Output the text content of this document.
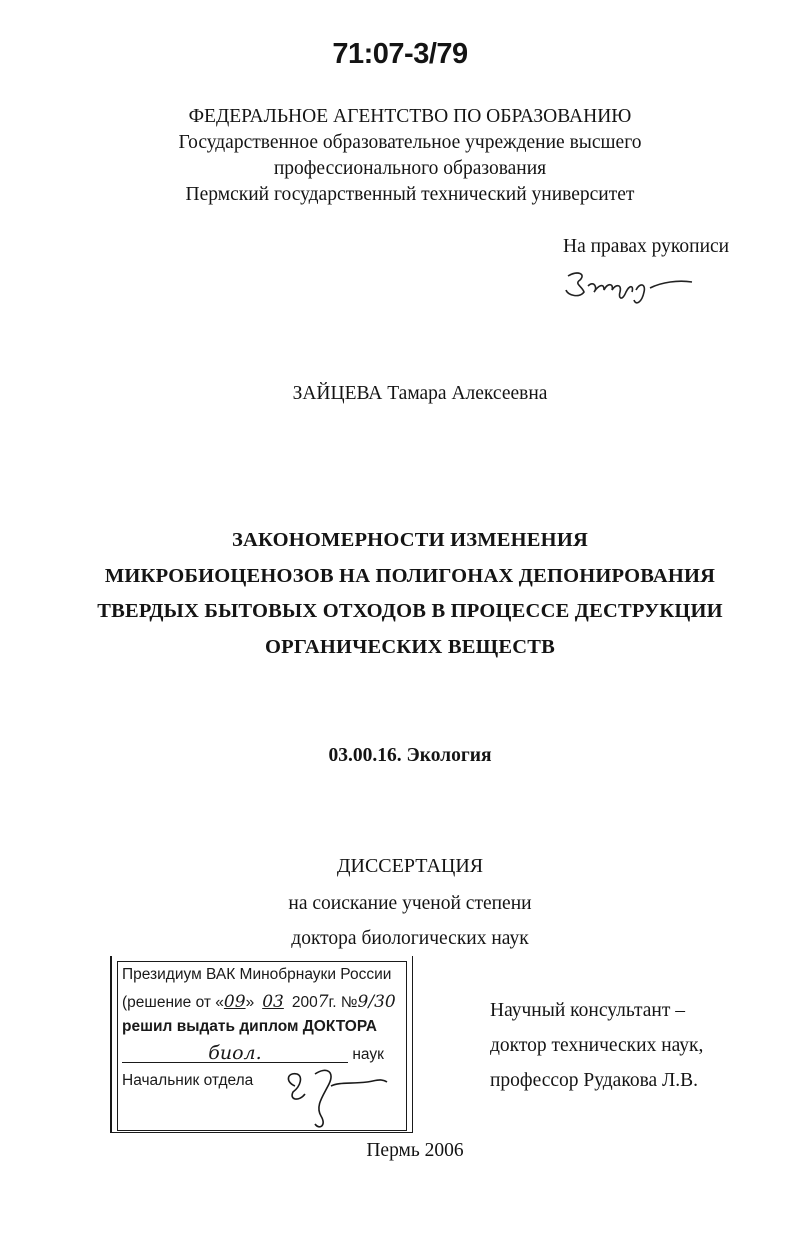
71:07-3/79
ФЕДЕРАЛЬНОЕ АГЕНТСТВО ПО ОБРАЗОВАНИЮ
Государственное образовательное учреждение высшего
профессионального образования
Пермский государственный технический университет
На правах рукописи
ЗАЙЦЕВА Тамара Алексеевна
ЗАКОНОМЕРНОСТИ ИЗМЕНЕНИЯ
МИКРОБИОЦЕНОЗОВ НА ПОЛИГОНАХ ДЕПОНИРОВАНИЯ
ТВЕРДЫХ БЫТОВЫХ ОТХОДОВ В ПРОЦЕССЕ ДЕСТРУКЦИИ
ОРГАНИЧЕСКИХ ВЕЩЕСТВ
03.00.16. Экология
ДИССЕРТАЦИЯ
на соискание ученой степени
доктора биологических наук
Президиум ВАК Минобрнауки России
(решение от «09» 03 2007г. №9/30
решил выдать диплом ДОКТОРА
биол.	наук
Начальник отдела
Научный консультант –
доктор технических наук,
профессор Рудакова Л.В.
Пермь 2006
